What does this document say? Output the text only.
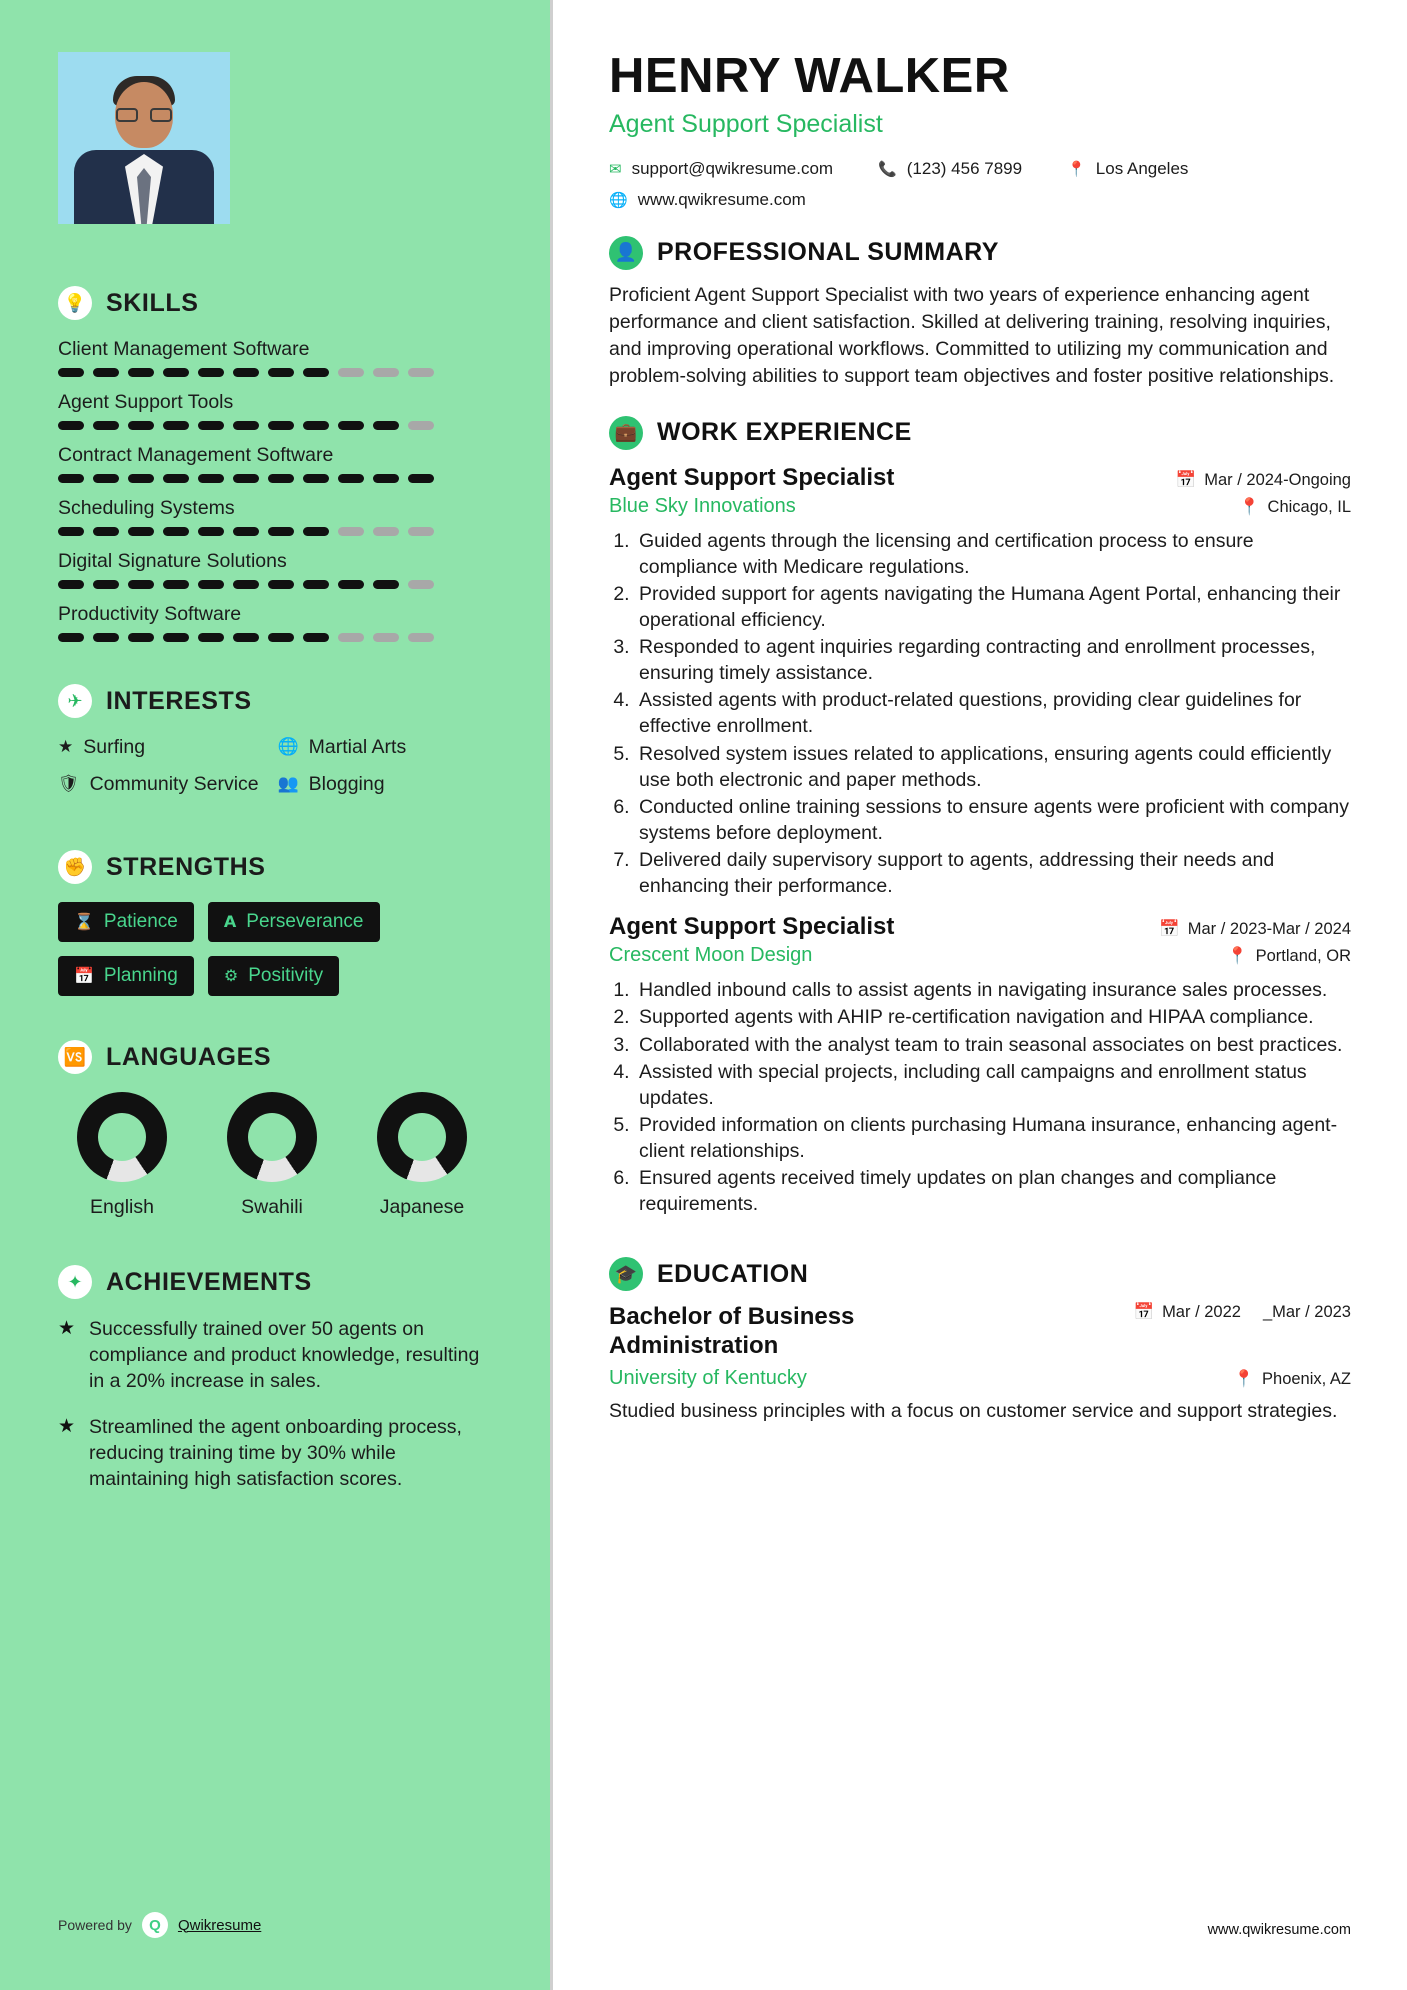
💡 SKILLS
Client Management Software
Agent Support Tools
Contract Management Software
Scheduling Systems
Digital Signature Solutions
Productivity Software
✈ INTERESTS
★ Surfing	🌐 Martial Arts
🛡 Community Service 👥 Blogging
✊ STRENGTHS
⌛ Patience	𝗔 Perseverance
📅 Planning	⚙ Positivity
🆚 LANGUAGES
English	Swahili	Japanese
✦ ACHIEVEMENTS
★ Successfully trained over 50 agents on compliance and product knowledge, resulting in a 20% increase in sales.

★ Streamlined the agent onboarding process, reducing training time by 30% while maintaining high satisfaction scores.

Powered by	Q	Qwikresume
HENRY WALKER
Agent Support Specialist
✉ support@qwikresume.com	📞 (123) 456 7899	📍 Los Angeles
🌐 www.qwikresume.com
👤 PROFESSIONAL SUMMARY

Proficient Agent Support Specialist with two years of experience enhancing agent performance and client satisfaction. Skilled at delivering training, resolving inquiries, and improving operational workflows. Committed to utilizing my communication and problem-solving abilities to support team objectives and foster positive relationships.

💼 WORK EXPERIENCE
Agent Support Specialist	📅 Mar / 2024-Ongoing
Blue Sky Innovations	📍 Chicago, IL
1. Guided agents through the licensing and certification process to ensure compliance with Medicare regulations.
2. Provided support for agents navigating the Humana Agent Portal, enhancing their operational efficiency.
3. Responded to agent inquiries regarding contracting and enrollment processes, ensuring timely assistance.
4. Assisted agents with product-related questions, providing clear guidelines for effective enrollment.
5. Resolved system issues related to applications, ensuring agents could efficiently use both electronic and paper methods.
6. Conducted online training sessions to ensure agents were proficient with company systems before deployment.
7. Delivered daily supervisory support to agents, addressing their needs and enhancing their performance.
Agent Support Specialist	📅 Mar / 2023-Mar / 2024
Crescent Moon Design	📍 Portland, OR
1. Handled inbound calls to assist agents in navigating insurance sales processes.
2. Supported agents with AHIP re-certification navigation and HIPAA compliance.
3. Collaborated with the analyst team to train seasonal associates on best practices.
4. Assisted with special projects, including call campaigns and enrollment status updates.
5. Provided information on clients purchasing Humana insurance, enhancing agent-client relationships.
6. Ensured agents received timely updates on plan changes and compliance requirements.
🎓 EDUCATION
Bachelor of Business Administration
📅 Mar / 2022 _Mar / 2023
University of Kentucky	📍 Phoenix, AZ

Studied business principles with a focus on customer service and support strategies.

www.qwikresume.com
